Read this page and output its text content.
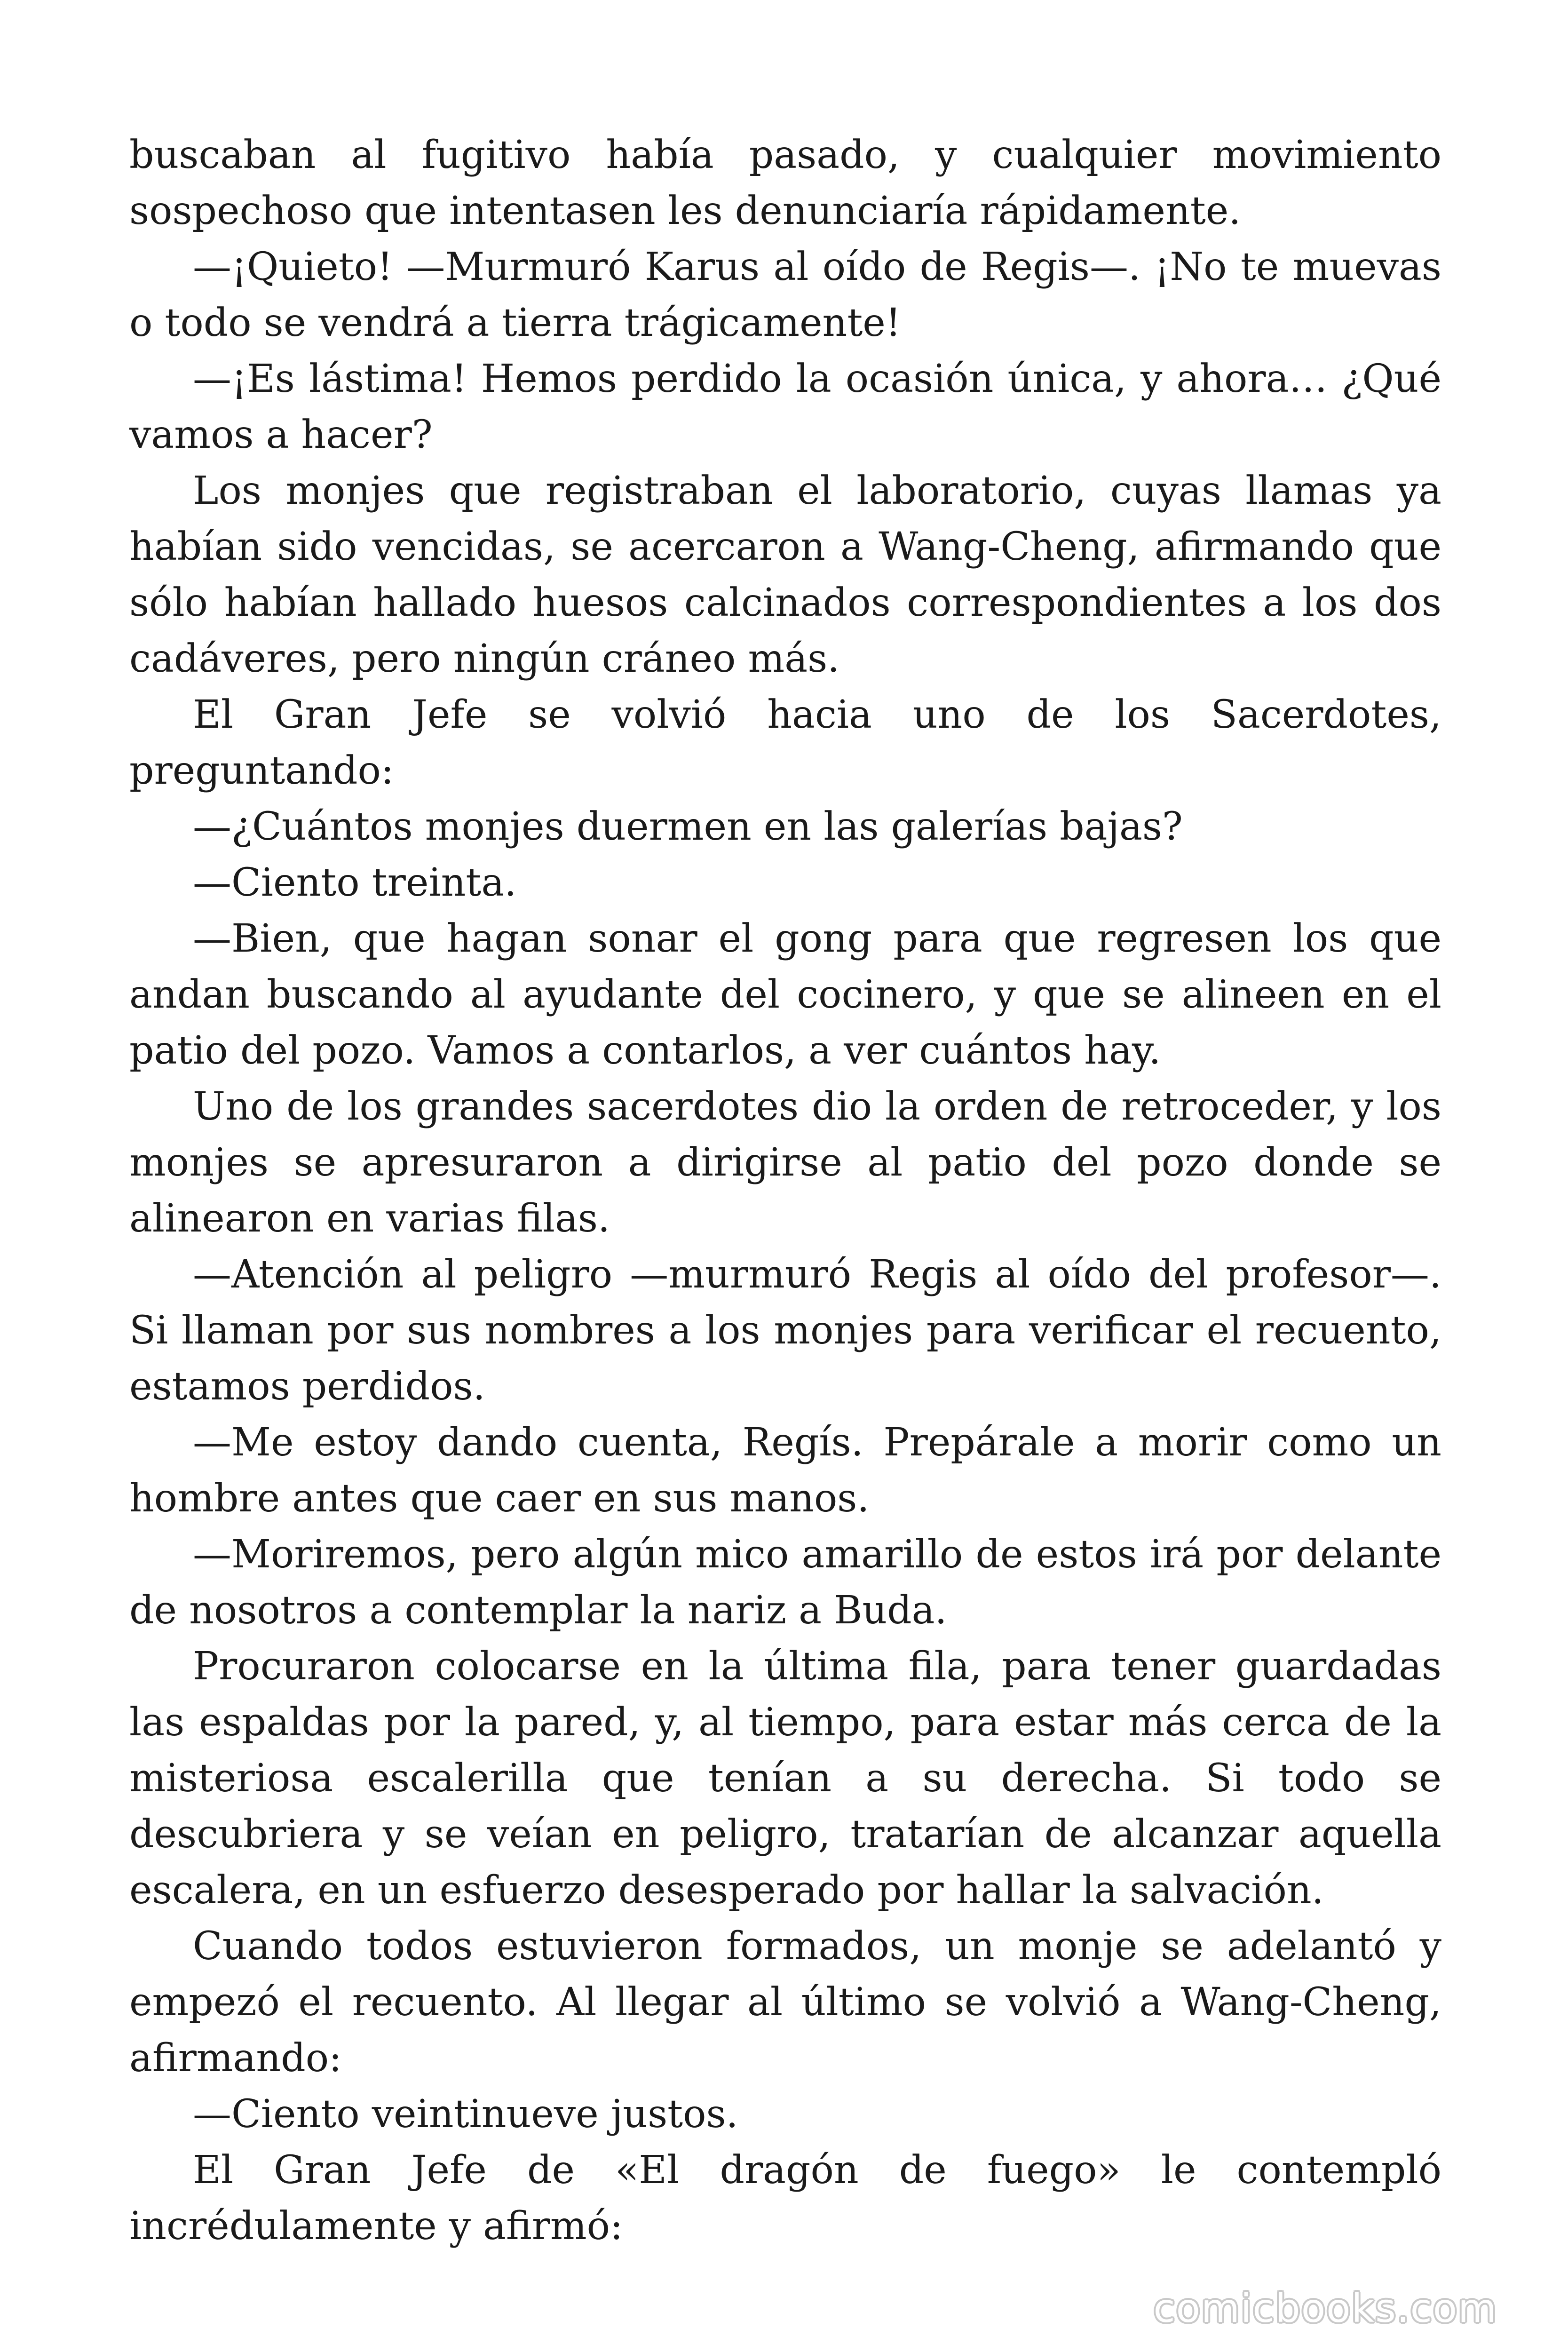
buscaban al fugitivo había pasado, y cualquier movimiento sospechoso que intentasen les denunciaría rápidamente.

—¡Quieto! —Murmuró Karus al oído de Regis—. ¡No te muevas o todo se vendrá a tierra trágicamente!

—¡Es lástima! Hemos perdido la ocasión única, y ahora… ¿Qué vamos a hacer?

Los monjes que registraban el laboratorio, cuyas llamas ya habían sido vencidas, se acercaron a Wang-Cheng, afirmando que sólo habían hallado huesos calcinados correspondientes a los dos cadáveres, pero ningún cráneo más.

El Gran Jefe se volvió hacia uno de los Sacerdotes, preguntando:

—¿Cuántos monjes duermen en las galerías bajas?

—Ciento treinta.

—Bien, que hagan sonar el gong para que regresen los que andan buscando al ayudante del cocinero, y que se alineen en el patio del pozo. Vamos a contarlos, a ver cuántos hay.

Uno de los grandes sacerdotes dio la orden de retroceder, y los monjes se apresuraron a dirigirse al patio del pozo donde se alinearon en varias filas.

—Atención al peligro —murmuró Regis al oído del profesor—. Si llaman por sus nombres a los monjes para verificar el recuento, estamos perdidos.

—Me estoy dando cuenta, Regís. Prepárale a morir como un hombre antes que caer en sus manos.

—Moriremos, pero algún mico amarillo de estos irá por delante de nosotros a contemplar la nariz a Buda.

Procuraron colocarse en la última fila, para tener guardadas las espaldas por la pared, y, al tiempo, para estar más cerca de la misteriosa escalerilla que tenían a su derecha. Si todo se descubriera y se veían en peligro, tratarían de alcanzar aquella escalera, en un esfuerzo desesperado por hallar la salvación.

Cuando todos estuvieron formados, un monje se adelantó y empezó el recuento. Al llegar al último se volvió a Wang-Cheng, afirmando:

—Ciento veintinueve justos.

El Gran Jefe de «El dragón de fuego» le contempló incrédulamente y afirmó:

comicbooks.com
